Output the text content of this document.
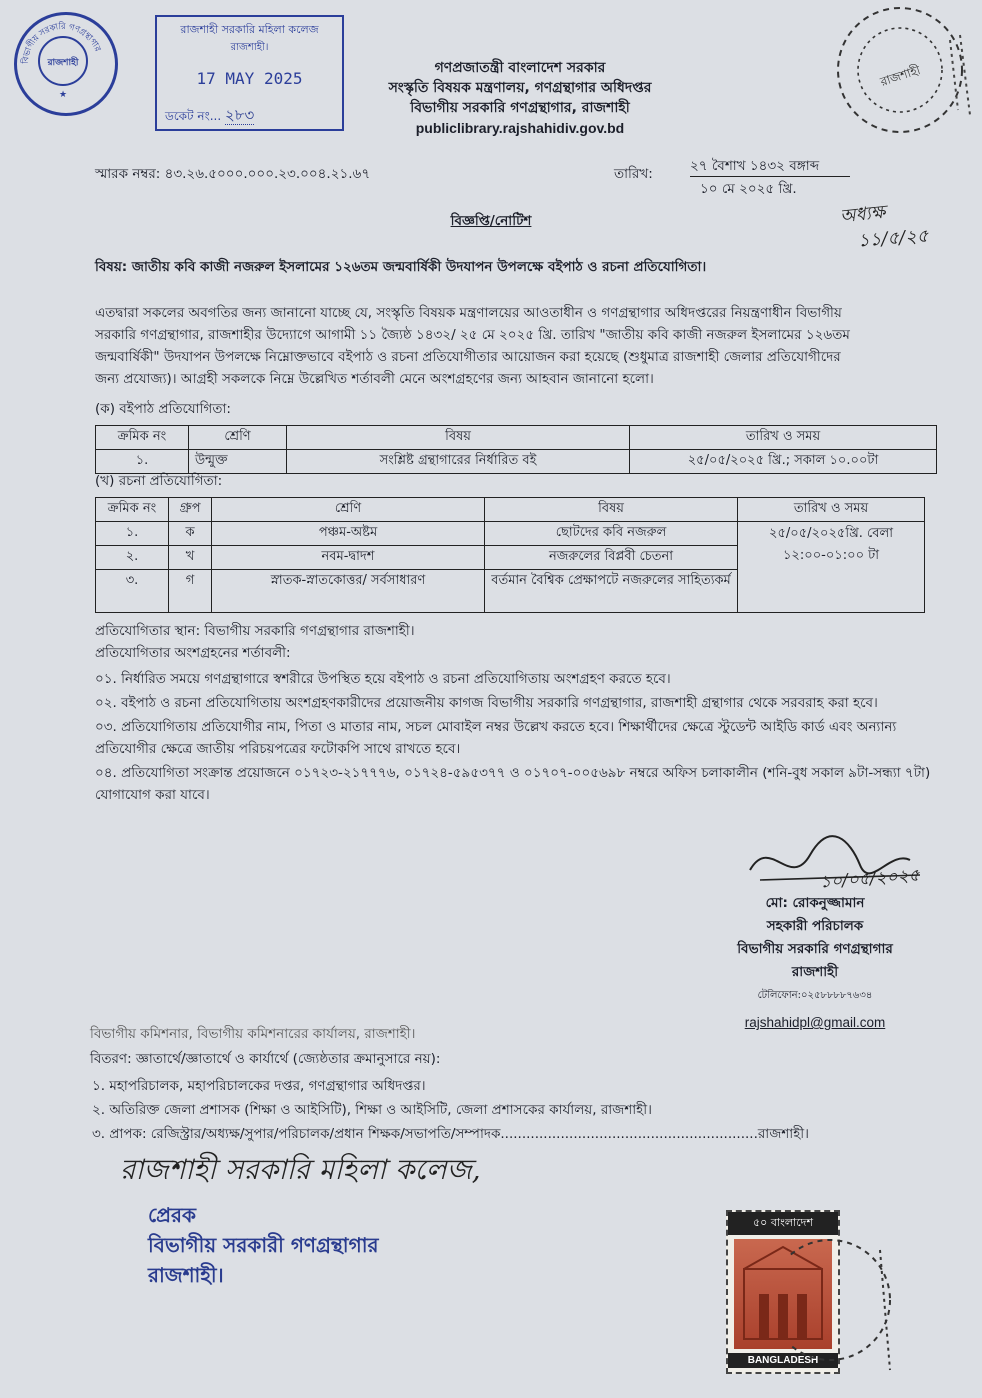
বিভাগীয় সরকারি গণগ্রন্থাগার
রাজশাহী
★
রাজশাহী সরকারি মহিলা কলেজ
রাজশাহী।
17 MAY 2025
ডকেট নং... ২৮৩
রাজশাহী
গণপ্রজাতন্ত্রী বাংলাদেশ সরকার
সংস্কৃতি বিষয়ক মন্ত্রণালয়, গণগ্রন্থাগার অধিদপ্তর
বিভাগীয় সরকারি গণগ্রন্থাগার, রাজশাহী
publiclibrary.rajshahidiv.gov.bd
স্মারক নম্বর: ৪৩.২৬.৫০০০.০০০.২৩.০০৪.২১.৬৭	তারিখ:	২৭ বৈশাখ ১৪৩২ বঙ্গাব্দ
১০ মে ২০২৫ খ্রি.
অধ্যক্ষ
১১/৫/২৫
বিজ্ঞপ্তি/নোটিশ
বিষয়: জাতীয় কবি কাজী নজরুল ইসলামের ১২৬তম জন্মবার্ষিকী উদযাপন উপলক্ষে বইপাঠ ও রচনা প্রতিযোগিতা।
এতদ্বারা সকলের অবগতির জন্য জানানো যাচ্ছে যে, সংস্কৃতি বিষয়ক মন্ত্রণালয়ের আওতাধীন ও গণগ্রন্থাগার অধিদপ্তরের নিয়ন্ত্রণাধীন বিভাগীয়
সরকারি গণগ্রন্থাগার, রাজশাহীর উদ্যোগে আগামী ১১ জ্যৈষ্ঠ ১৪৩২/ ২৫ মে ২০২৫ খ্রি. তারিখ "জাতীয় কবি কাজী নজরুল ইসলামের ১২৬তম
জন্মবার্ষিকী" উদযাপন উপলক্ষে নিম্নোক্তভাবে বইপাঠ ও রচনা প্রতিযোগীতার আয়োজন করা হয়েছে (শুধুমাত্র রাজশাহী জেলার প্রতিযোগীদের
জন্য প্রযোজ্য)। আগ্রহী সকলকে নিম্নে উল্লেখিত শর্তাবলী মেনে অংশগ্রহণের জন্য আহবান জানানো হলো।
(ক) বইপাঠ প্রতিযোগিতা:
ক্রমিক নং	শ্রেণি	বিষয়	তারিখ ও সময়
১.	উন্মুক্ত	সংশ্লিষ্ট গ্রন্থাগারের নির্ধারিত বই	২৫/০৫/২০২৫ খ্রি.; সকাল ১০.০০টা
(খ) রচনা প্রতিযোগিতা:
ক্রমিক নং	গ্রুপ	শ্রেণি	বিষয়	তারিখ ও সময়
১.	ক	পঞ্চম-অষ্টম	ছোটদের কবি নজরুল	২৫/০৫/২০২৫খ্রি. বেলা
১২:০০-০১:০০ টা

২.	খ	নবম-দ্বাদশ	নজরুলের বিপ্লবী চেতনা	
৩.	গ	স্নাতক-স্নাতকোত্তর/ সর্বসাধারণ	বর্তমান বৈশ্বিক প্রেক্ষাপটে নজরুলের সাহিত্যকর্ম	
প্রতিযোগিতার স্থান: বিভাগীয় সরকারি গণগ্রন্থাগার রাজশাহী।
প্রতিযোগিতার অংশগ্রহনের শর্তাবলী:
০১. নির্ধারিত সময়ে গণগ্রন্থাগারে স্বশরীরে উপস্থিত হয়ে বইপাঠ ও রচনা প্রতিযোগিতায় অংশগ্রহণ করতে হবে।
০২. বইপাঠ ও রচনা প্রতিযোগিতায় অংশগ্রহণকারীদের প্রয়োজনীয় কাগজ বিভাগীয় সরকারি গণগ্রন্থাগার, রাজশাহী গ্রন্থাগার থেকে সরবরাহ করা হবে।
০৩. প্রতিযোগিতায় প্রতিযোগীর নাম, পিতা ও মাতার নাম, সচল মোবাইল নম্বর উল্লেখ করতে হবে। শিক্ষার্থীদের ক্ষেত্রে স্টুডেন্ট আইডি কার্ড এবং অন্যান্য প্রতিযোগীর ক্ষেত্রে জাতীয় পরিচয়পত্রের ফটোকপি সাথে রাখতে হবে।
০৪. প্রতিযোগিতা সংক্রান্ত প্রয়োজনে ০১৭২৩-২১৭৭৭৬, ০১৭২৪-৫৯৫৩৭৭ ও ০১৭০৭-০০৫৬৯৮ নম্বরে অফিস চলাকালীন (শনি-বুধ সকাল ৯টা-সন্ধ্যা ৭টা) যোগাযোগ করা যাবে।
১০/০৫/২০২৫
মো: রোকনুজ্জামান
সহকারী পরিচালক
বিভাগীয় সরকারি গণগ্রন্থাগার
রাজশাহী
টেলিফোন:০২৫৮৮৮৮৭৬৩৪
rajshahidpl@gmail.com
বিভাগীয় কমিশনার, বিভাগীয় কমিশনারের কার্যালয়, রাজশাহী।
বিতরণ: জ্ঞাতার্থে/জ্ঞাতার্থে ও কার্যার্থে (জ্যেষ্ঠতার ক্রমানুসারে নয়):
১. মহাপরিচালক, মহাপরিচালকের দপ্তর, গণগ্রন্থাগার অধিদপ্তর।
২. অতিরিক্ত জেলা প্রশাসক (শিক্ষা ও আইসিটি), শিক্ষা ও আইসিটি, জেলা প্রশাসকের কার্যালয়, রাজশাহী।
৩. প্রাপক: রেজিস্ট্রার/অধ্যক্ষ/সুপার/পরিচালক/প্রধান শিক্ষক/সভাপতি/সম্পাদক............................................................রাজশাহী।
রাজশাহী সরকারি মহিলা কলেজ,
প্রেরক
বিভাগীয় সরকারী গণগ্রন্থাগার
রাজশাহী।
৫০ বাংলাদেশ
BANGLADESH
